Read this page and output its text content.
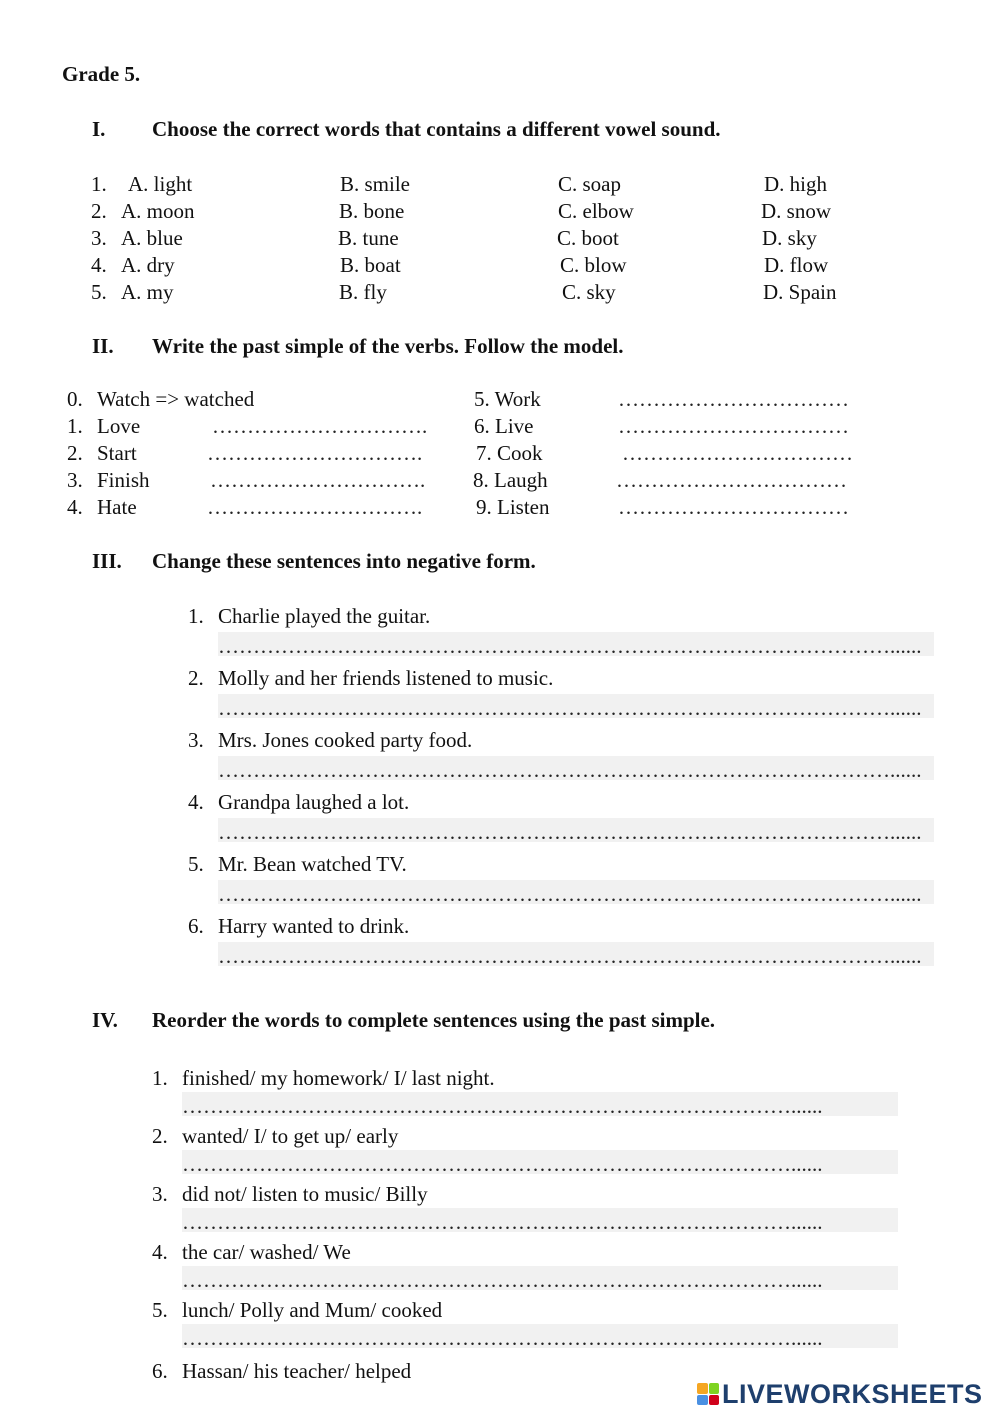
Grade 5.
I. Choose the correct words that contains a different vowel sound.
1. A. light	B. smile	C. soap	D. high
2. A. moon	B. bone	C. elbow	D. snow
3. A. blue	B. tune	C. boot	D. sky
4. A. dry	B. boat	C. blow	D. flow
5. A. my	B. fly	C. sky	D. Spain
II. Write the past simple of the verbs. Follow the model.
0. Watch => watched
1. Love	………………………….
2. Start	………………………….
3. Finish	………………………….
4. Hate	………………………….
5. Work	……………………………
6. Live	……………………………
7. Cook	……………………………
8. Laugh	……………………………
9. Listen	……………………………
III. Change these sentences into negative form.
1. Charlie played the guitar.
……………………………………………………………………………………......
2. Molly and her friends listened to music.
……………………………………………………………………………………......
3. Mrs. Jones cooked party food.
……………………………………………………………………………………......
4. Grandpa laughed a lot.
……………………………………………………………………………………......
5. Mr. Bean watched TV.
……………………………………………………………………………………......
6. Harry wanted to drink.
……………………………………………………………………………………......
IV. Reorder the words to complete sentences using the past simple.
1. finished/ my homework/ I/ last night.
……………………………………………………………………………......
2. wanted/ I/ to get up/ early
……………………………………………………………………………......
3. did not/ listen to music/ Billy
……………………………………………………………………………......
4. the car/ washed/ We
……………………………………………………………………………......
5. lunch/ Polly and Mum/ cooked
……………………………………………………………………………......
6. Hassan/ his teacher/ helped
LIVEWORKSHEETS
